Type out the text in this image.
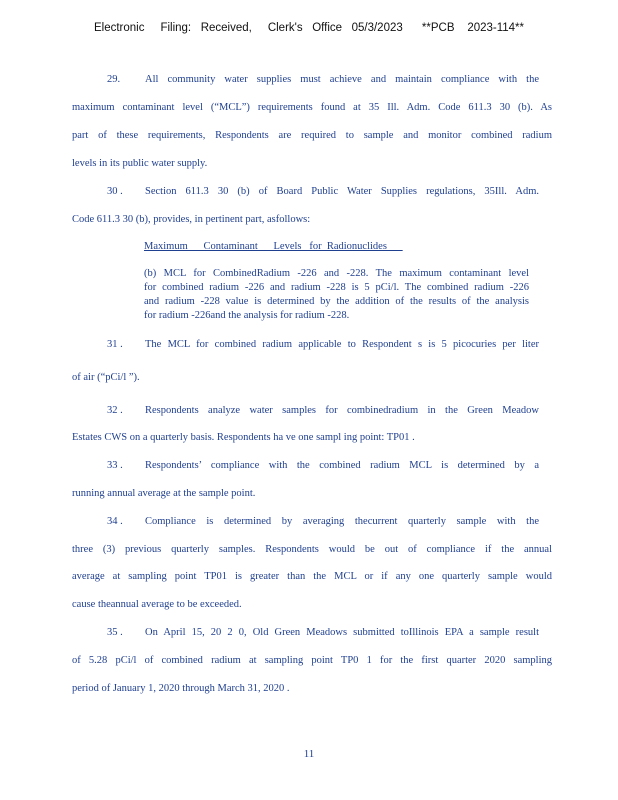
Electronic     Filing:   Received,     Clerk's   Office   05/3/2023      **PCB    2023-114**
29. All community water supplies must achieve and maintain compliance with the
maximum contaminant level (“MCL”) requirements found at 35 Ill. Adm. Code 611.3 30 (b). As
part of these requirements, Respondents are required to sample and monitor combined radium
levels in its public water supply.
30 . Section 611.3 30 (b) of Board Public Water Supplies regulations, 35Ill. Adm.
Code 611.3 30 (b), provides, in pertinent part, asfollows:
Maximum      Contaminant      Levels   for  Radionuclides
(b) MCL for CombinedRadium -226 and -228. The maximum contaminant level
for combined radium -226 and radium -228 is 5 pCi/l. The combined radium -226
and radium -228 value is determined by the addition of the results of the analysis
for radium -226and the analysis for radium -228.
31 . The MCL for combined radium applicable to Respondent s is 5 picocuries per liter
of air (“pCi/l ”).
32 . Respondents analyze water samples for combinedradium in the Green Meadow
Estates CWS on a quarterly basis. Respondents ha ve one sampl ing point: TP01 .
33 . Respondents’ compliance with the combined radium MCL is determined by a
running annual average at the sample point.
34 . Compliance is determined by averaging thecurrent quarterly sample with the
three (3) previous quarterly samples. Respondents would be out of compliance if the annual
average at sampling point TP01 is greater than the MCL or if any one quarterly sample would
cause theannual average to be exceeded.
35 . On April 15, 20 2 0, Old Green Meadows submitted toIllinois EPA a sample result
of 5.28 pCi/l of combined radium at sampling point TP0 1 for the first quarter 2020 sampling
period of January 1, 2020 through March 31, 2020 .
11
